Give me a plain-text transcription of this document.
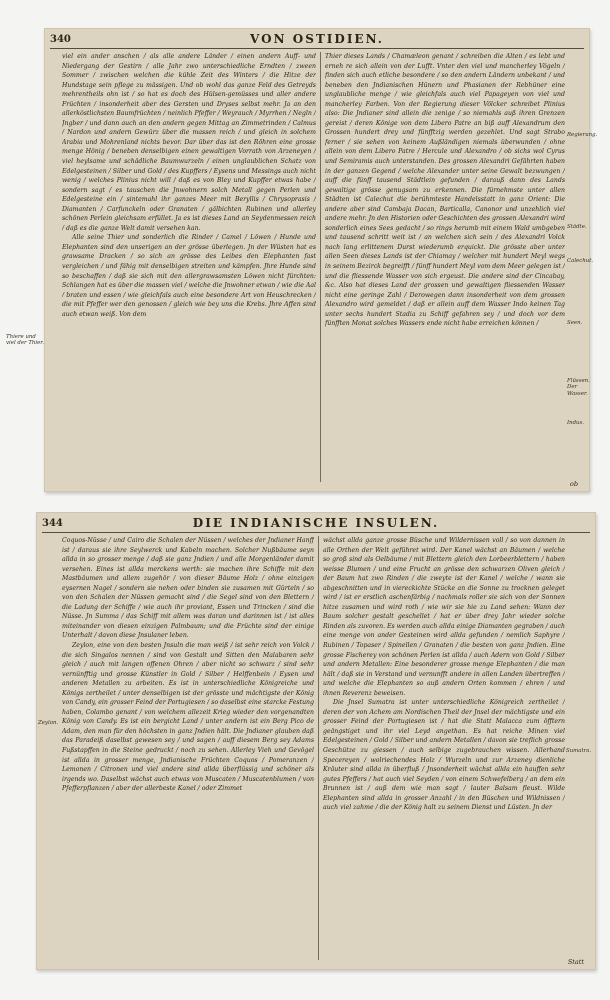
340	VON OSTIDIEN.

viel ein ander anschen / als alle andere Länder / einen andern Auff- und Niedergang der Gestirn / alle Jahr zwo unterschiedliche Erndten / zween Sommer / zwischen welchen die kühle Zeit des Winters / die Hitze der Hundstage sein pflege zu mässigen. Und ob wohl das ganze Feld des Getreyds mehrentheils ohn ist / so hat es doch des Hülsen-gemüsses und aller andere Früchten / insonderheit aber des Gersten und Dryses selbst mehr. Ja an den allerköstlichsten Baumfrüchten / neinlich Pfeffer / Weyrauch / Myrrhen / Negln / Jngber / und dann auch an den andern gegen Mittag an Zimmetrinden / Calmus / Nardon und andern Gewürz über die massen reich / und gleich in solchem Arabia und Mohrenland nichts bevor. Dar über das ist den Röhren eine grosse menge Hönig / beneben denselbigen einen gewaltigen Vorrath von Arzeneyen / viel heylsame und schädliche Baumwurzeln / einen unglaublichen Schatz von Edelgesteinen / Silber und Gold / des Kupffers / Eysens und Messings auch nicht wenig / welches Plinius nicht will / daß es von Bley und Kupffer etwas habe / sondern sagt / es tauschen die Jnwohnern solch Metall gegen Perlen und Edelgesteine ein / sintemahl ihr ganzes Meer mit Beryllis / Chrysoprasis / Diamanten / Carfunckeln oder Granaten / gälbichten Rubinen und allerley schönen Perlein gleichsam erfüllet. Ja es ist dieses Land an Seydenmessen reich / daß es die ganze Welt damit versehen kan.

Alle seine Thier und sonderlich die Rinder / Camel / Löwen / Hunde und Elephanten sind den unserigen an der grösse überlegen. Jn der Wüsten hat es grawsame Dracken / so sich an grösse des Leibes den Elephanten fast vergleichen / und fähig mit denselbigen streiten und kämpfen. Jhre Hunde sind so beschaffen / daß sie sich mit den allergrawsamsten Löwen nicht fürchten: Schlangen hat es über die massen viel / welche die Jnwohner etwan / wie die Aal / braten und essen / wie gleichfals auch eine besondere Art von Heuschrecken / die mit Pfeffer wer den genossen / gleich wie bey uns die Krebs. Jhre Affen sind auch etwan weiß. Von dem

Thier dieses Lands / Chamæleon genant / schreiben die Alten / es lebt und erneh re sich allein von der Lufft. Vnter den viel und mancherley Vögeln / finden sich auch etliche besondere / so den andern Ländern unbekant / und beneben den Jndianischen Hünern und Phasianen der Rebhüner eine unglaubliche menge / wie gleichfals auch viel Papageyen von viel und mancherley Farben. Von der Regierung dieser Völcker schreibet Plinius also: Die Jndianer sind allein die zenige / so niemahls auß ihren Grenzen gereist / deren Könige von dem Libero Patre an biß auff Alexandrum den Grossen hundert drey und fünfftzig werden gezehlet. Und sagt Strabo ferner / sie sehen von keinem Außländigen niemals überwunden / ohne allein von dem Libero Patre / Hercule und Alexandro / ob sichs wol Cyrus und Semiramis auch unterstanden. Des grossen Alexandri Gefährten haben in der ganzen Gegend / welche Alexander unter seine Gewalt bezwungen / auff die fünff tausend Städtlein gefunden / darauß dann des Lands gewaltige grösse genugsam zu erkennen. Die fürnehmste unter allen Städten ist Calechut die berühmteste Handelsstatt in ganz Orient: Die andere aber sind Cambaja Dacan, Barticalla, Canonor und unzehlich viel andere mehr. Jn den Historien oder Geschichten des grossen Alexandri wird sonderlich eines Sees gedacht / so rings herumb mit einem Wald umbgeben und tausend schritt weit ist / an welchen sich sein / des Alexandri Volck nach lang erlittenem Durst wiederumb erquickt. Die grösste aber unter allen Seen dieses Lands ist der Chiamay / welcher mit hundert Meyl wegs in seinem Bezirck begreifft / fünff hundert Meyl vom dem Meer gelegen ist / und die fliessende Wasser von sich ergeust. Die andere sind der Cincabay, &c. Also hat dieses Land der grossen und gewaltigen fliessenden Wasser nicht eine geringe Zahl / Derowegen dann insonderheit von dem grossen Alexandro wird gemeldet / daß er allein auff dem Wasser Indo keinen Tag unter sechs hundert Stadia zu Schiff gefahren sey / und doch vor dem fünfften Monat solches Wassers ende nicht habe erreichen können /

Thiere und viel der Thier.
Regierung.
Städte.
Calechut.
Seen.
Flüssen. Der Wasser.
Indus.
ob
344	DIE INDIANISCHE INSULEN.

Coquos-Nüsse / und Cairo die Schalen der Nüssen / welches der Jndianer Hanff ist / daraus sie ihre Seylwerck und Kabeln machen. Solcher Nußbäume seyn allda in so grosser menge / daß sie ganz Jndien / und alle Morgenländer damit versehen. Eines ist allda merckens werth: sie machen ihre Schiffe mit den Mastbäumen und allem zugehör / von dieser Bäume Holz / ohne einzigen eysernen Nagel / sondern sie nehen oder binden sie zusamen mit Gürteln / so von den Schalen der Nüssen gemacht sind / die Segel sind von den Blettern / die Ladung der Schiffe / wie auch ihr proviant, Essen und Trincken / sind die Nüsse. Jn Summa / das Schiff mit allem was daran und darinnen ist / ist alles miteinander von diesen einzigen Palmbaum; und die Früchte sind der einige Unterhalt / davon diese Jnsulaner leben.

Zeylon, eine von den besten Jnsuln die man weiß / ist sehr reich von Volck / die sich Singalos nennen / sind von Gestalt und Sitten den Malabaren sehr gleich / auch mit langen offenen Ohren / aber nicht so schwarz / sind sehr vernünfftig und grosse Künstler in Gold / Silber / Helffenbein / Eysen und anderen Metallen zu arbeiten. Es ist in unterschiedliche Königreiche und Königs zertheilet / unter denselbigen ist der grösste und mächtigste der König von Candy, ein grosser Feind der Portugiesen / so daselbst eine starcke Festung haben, Colambo genant / von welchem allezeit Krieg wieder den vorgenandten König von Candy. Es ist ein bergicht Land / unter andern ist ein Berg Pico de Adam, den man für den höchsten in ganz Jndien hält. Die Jndianer glauben daß das Paradeiß daselbst gewesen sey / und sagen / auff diesem Berg sey Adams Fußstapffen in die Steine gedruckt / noch zu sehen. Allerley Vieh und Gevögel ist allda in grosser menge, Jndianische Früchten Coquos / Pomeranzen / Lemonen / Citronen und viel andere sind allda überflüssig und schöner als irgends wo. Daselbst wächst auch etwas von Muscaten / Muscatenblumen / von Pfefferpflanzen / aber der allerbeste Kanel / oder Zimmet

wächst allda ganze grosse Büsche und Wildernissen voll / so von dannen in alle Orthen der Welt geführet wird. Der Kanel wächst an Bäumen / welche so groß sind als Oelbäume / mit Blettern gleich den Lorbeerblettern / haben weisse Blumen / und eine Frucht an grösse den schwarzen Oliven gleich / der Baum hat zwo Rinden / die zweyte ist der Kanel / welche / wann sie abgeschnitten und in viereckichte Stücke an die Sonne zu trocknen geleget wird / ist er erstlich aschenfärbig / nachmals roller sie sich von der Sonnen hitze zusamen und wird roth / wie wir sie hie zu Land sehen: Wann der Baum solcher gestalt geschellet / hat er über drey Jahr wieder solche Rinden als zuvoren. Es werden auch allda einige Diamanten gegraben / auch eine menge von ander Gesteinen wird allda gefunden / nemlich Saphyre / Rubinen / Topaser / Spinellen / Granaten / die besten von ganz Jndien. Eine grosse Fischerey von schönen Perlen ist allda / auch Adern von Gold / Silber und andern Metallen: Eine besonderer grosse menge Elephanten / die man hält / daß sie in Verstand und vernunfft andere in allen Landen übertreffen / und welche die Elephanten so auß andern Orten kommen / ehren / und ihnen Reverenz beweisen.

Die Jnsel Sumatra ist unter unterschiedliche Königreich zertheilet / deren der von Achem am Nordischen Theil der Jnsel der mächtigste und ein grosser Feind der Portugiesen ist / hat die Statt Malacca zum öfftern geängstiget und ihr viel Leyd angethan. Es hat reiche Minen viel Edelgesteinen / Gold / Silber und andern Metallen / davon sie treflich grosse Geschütze zu giessen / auch selbige zugebrauchen wissen. Allerhand Specereyen / wolriechendes Holz / Wurzeln und zur Arzeney dienliche Kräuter sind allda in überfluß / Jnsonderheit wächst allda ein hauffen sehr gutes Pfeffers / hat auch viel Seyden / von einem Schwefelberg / an dem ein Brunnen ist / auß dem wie man sagt / lauter Balsam fleust. Wilde Elephanten sind allda in grosser Anzahl / in den Büschen und Wildnissen / auch viel zahme / die der König halt zu seinem Dienst und Lüsten. Jn der

Zeylon.
Sumatra.
Statt
